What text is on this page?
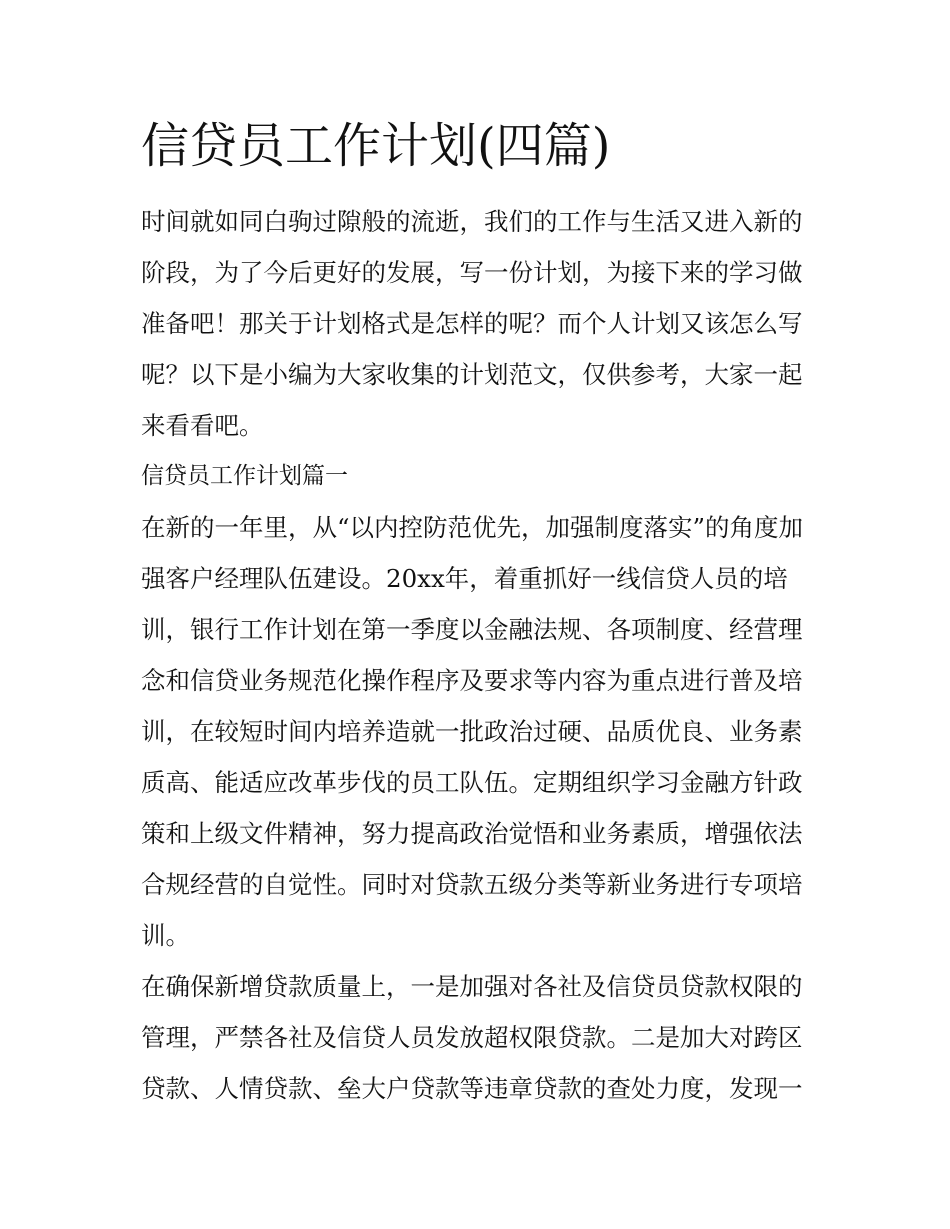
信贷员工作计划(四篇)
时间就如同白驹过隙般的流逝，我们的工作与生活又进入新的
阶段，为了今后更好的发展，写一份计划，为接下来的学习做
准备吧！那关于计划格式是怎样的呢？而个人计划又该怎么写
呢？以下是小编为大家收集的计划范文，仅供参考，大家一起
来看看吧。
信贷员工作计划篇一
在新的一年里，从“以内控防范优先，加强制度落实”的角度加
强客户经理队伍建设。20xx年，着重抓好一线信贷人员的培
训，银行工作计划在第一季度以金融法规、各项制度、经营理
念和信贷业务规范化操作程序及要求等内容为重点进行普及培
训，在较短时间内培养造就一批政治过硬、品质优良、业务素
质高、能适应改革步伐的员工队伍。定期组织学习金融方针政
策和上级文件精神，努力提高政治觉悟和业务素质，增强依法
合规经营的自觉性。同时对贷款五级分类等新业务进行专项培
训。
在确保新增贷款质量上，一是加强对各社及信贷员贷款权限的
管理，严禁各社及信贷人员发放超权限贷款。二是加大对跨区
贷款、人情贷款、垒大户贷款等违章贷款的查处力度，发现一
